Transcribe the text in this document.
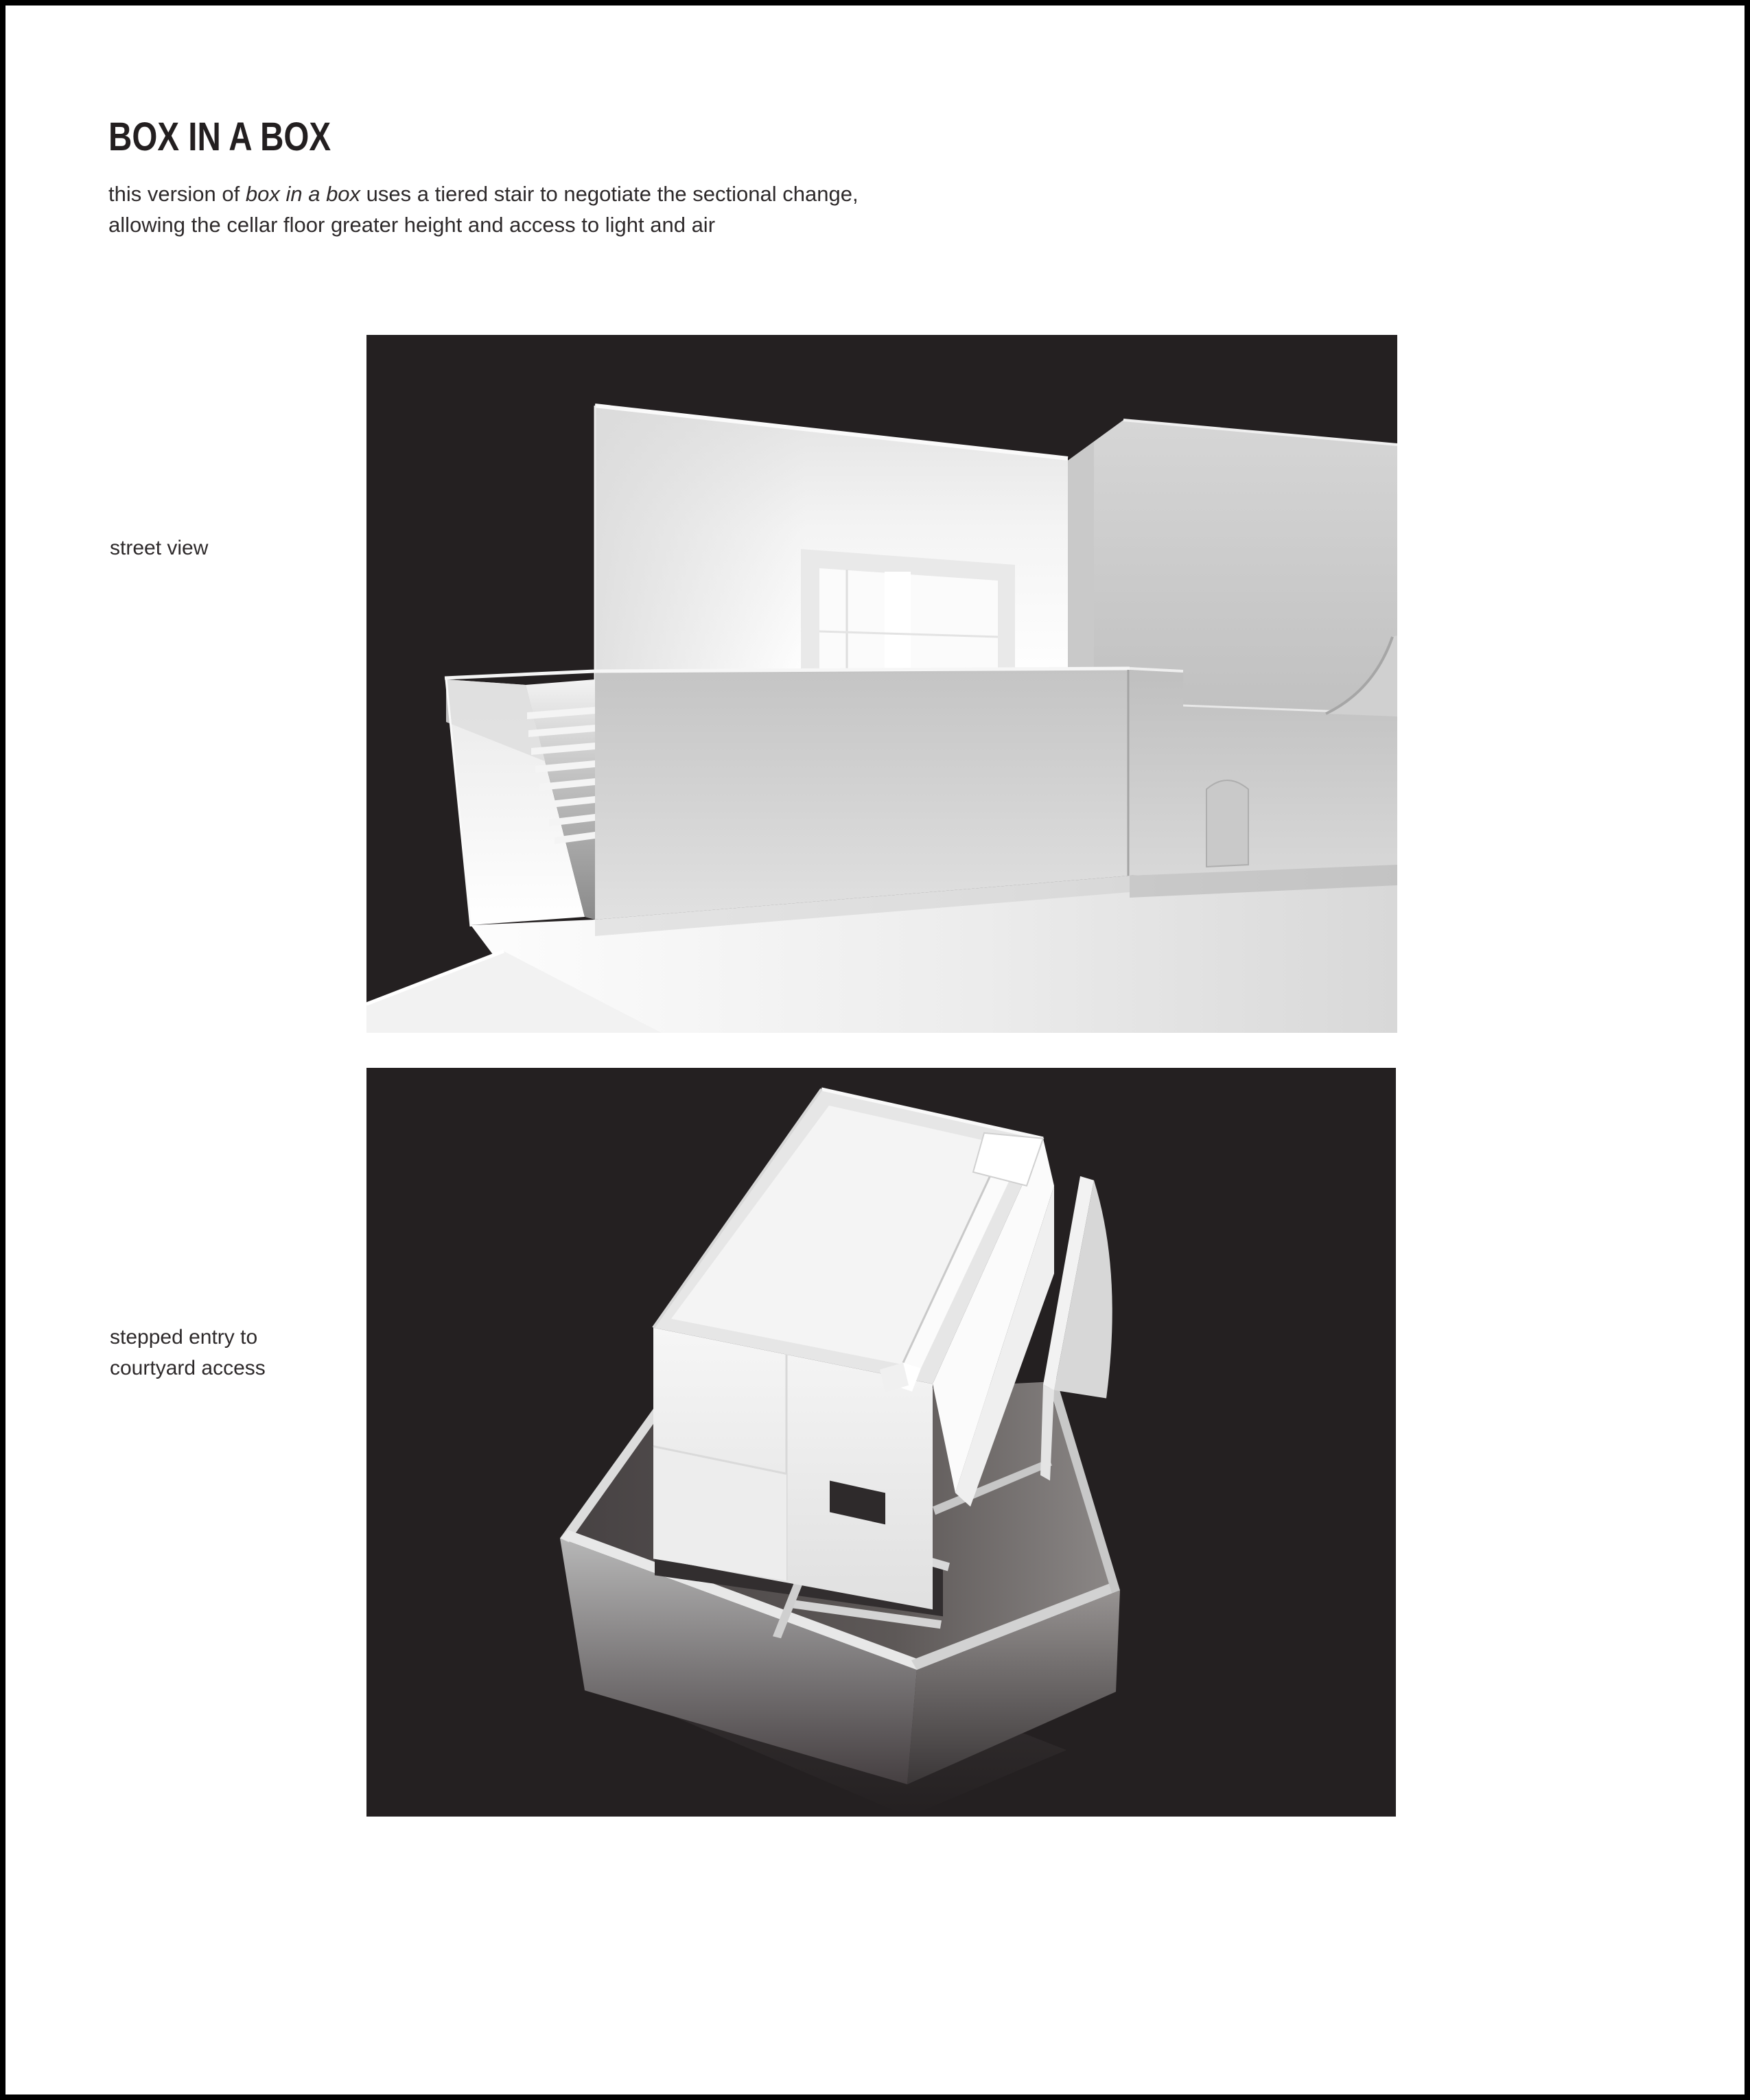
BOX IN A BOX
this version of box in a box uses a tiered stair to negotiate the sectional change,
allowing the cellar floor greater height and access to light and air
street view
stepped entry to
courtyard access
